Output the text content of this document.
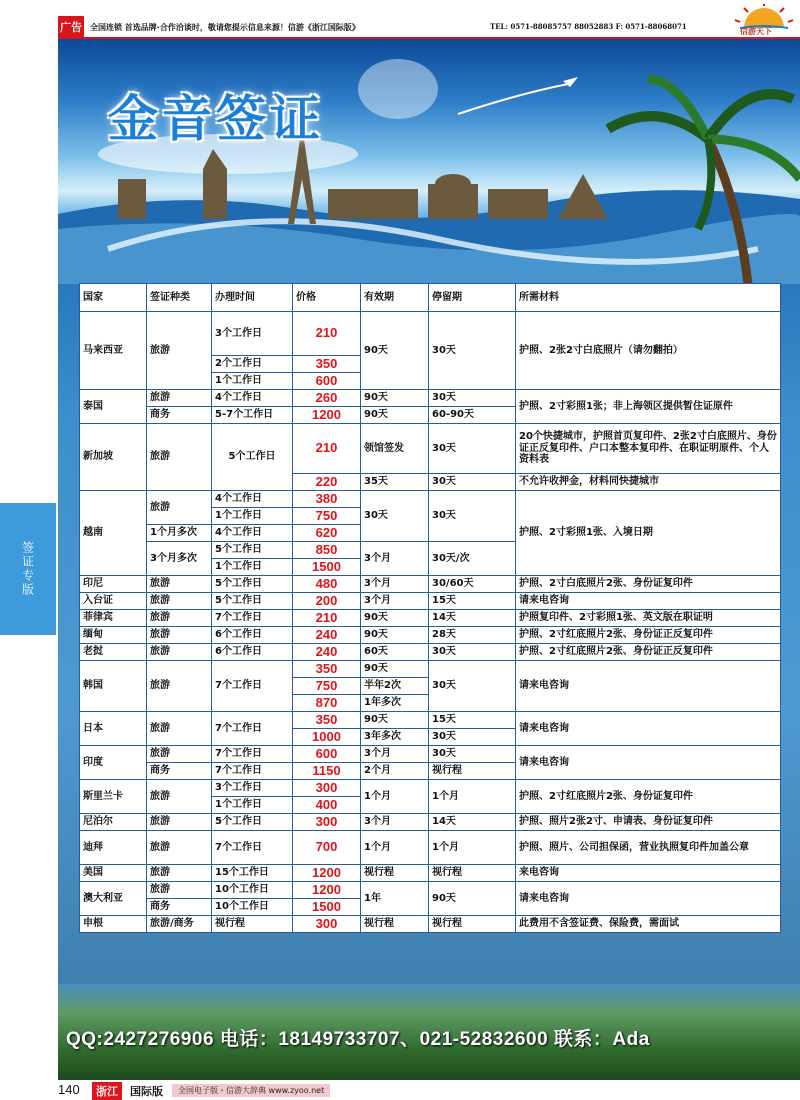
广告 全国连锁 首选品牌·合作洽谈时，敬请您提示信息来源！信游《浙江国际版》	TEL: 0571-88085757 88052883 F: 0571-88068071
信游天下
金音签证
签证专版
国家	签证种类	办理时间	价格	有效期	停留期	所需材料
马来西亚	旅游	3个工作日	210	90天	30天	护照、2张2寸白底照片（请勿翻拍）
		2个工作日	350			
		1个工作日	600			
泰国	旅游	4个工作日	260	90天	30天	护照、2寸彩照1张；非上海领区提供暂住证原件
	商务	5-7个工作日	1200	90天	60-90天	
新加坡	旅游	5个工作日	210	领馆签发	30天	20个快捷城市，护照首页复印件、2张2寸白底照片、身份证正反复印件、户口本整本复印件、在职证明原件、个人资料表
			220	35天	30天	不允许收押金，材料同快捷城市
越南	旅游	4个工作日	380	30天	30天	护照、2寸彩照1张、入境日期
		1个工作日	750			
	1个月多次	4个工作日	620			
	3个月多次	5个工作日	850	3个月	30天/次	
		1个工作日	1500			
印尼	旅游	5个工作日	480	3个月	30/60天	护照、2寸白底照片2张、身份证复印件
入台证	旅游	5个工作日	200	3个月	15天	请来电咨询
菲律宾	旅游	7个工作日	210	90天	14天	护照复印件、2寸彩照1张、英文版在职证明
缅甸	旅游	6个工作日	240	90天	28天	护照、2寸红底照片2张、身份证正反复印件
老挝	旅游	6个工作日	240	60天	30天	护照、2寸红底照片2张、身份证正反复印件
韩国	旅游	7个工作日	350	90天	30天	请来电咨询
			750	半年2次		
			870	1年多次		
日本	旅游	7个工作日	350	90天	15天	请来电咨询
			1000	3年多次	30天	
印度	旅游	7个工作日	600	3个月	30天	请来电咨询
	商务	7个工作日	1150	2个月	视行程	
斯里兰卡	旅游	3个工作日	300	1个月	1个月	护照、2寸红底照片2张、身份证复印件
		1个工作日	400			
尼泊尔	旅游	5个工作日	300	3个月	14天	护照、照片2张2寸、申请表、身份证复印件
迪拜	旅游	7个工作日	700	1个月	1个月	护照、照片、公司担保函，营业执照复印件加盖公章
美国	旅游	15个工作日	1200	视行程	视行程	来电咨询
澳大利亚	旅游	10个工作日	1200	1年	90天	请来电咨询
	商务	10个工作日	1500			
申根	旅游/商务	视行程	300	视行程	视行程	此费用不含签证费、保险费，需面试
QQ:2427276906 电话：18149733707、021-52832600 联系：Ada
140	浙江	国际版	全国电子版・信游大辞典 www.zyoo.net
